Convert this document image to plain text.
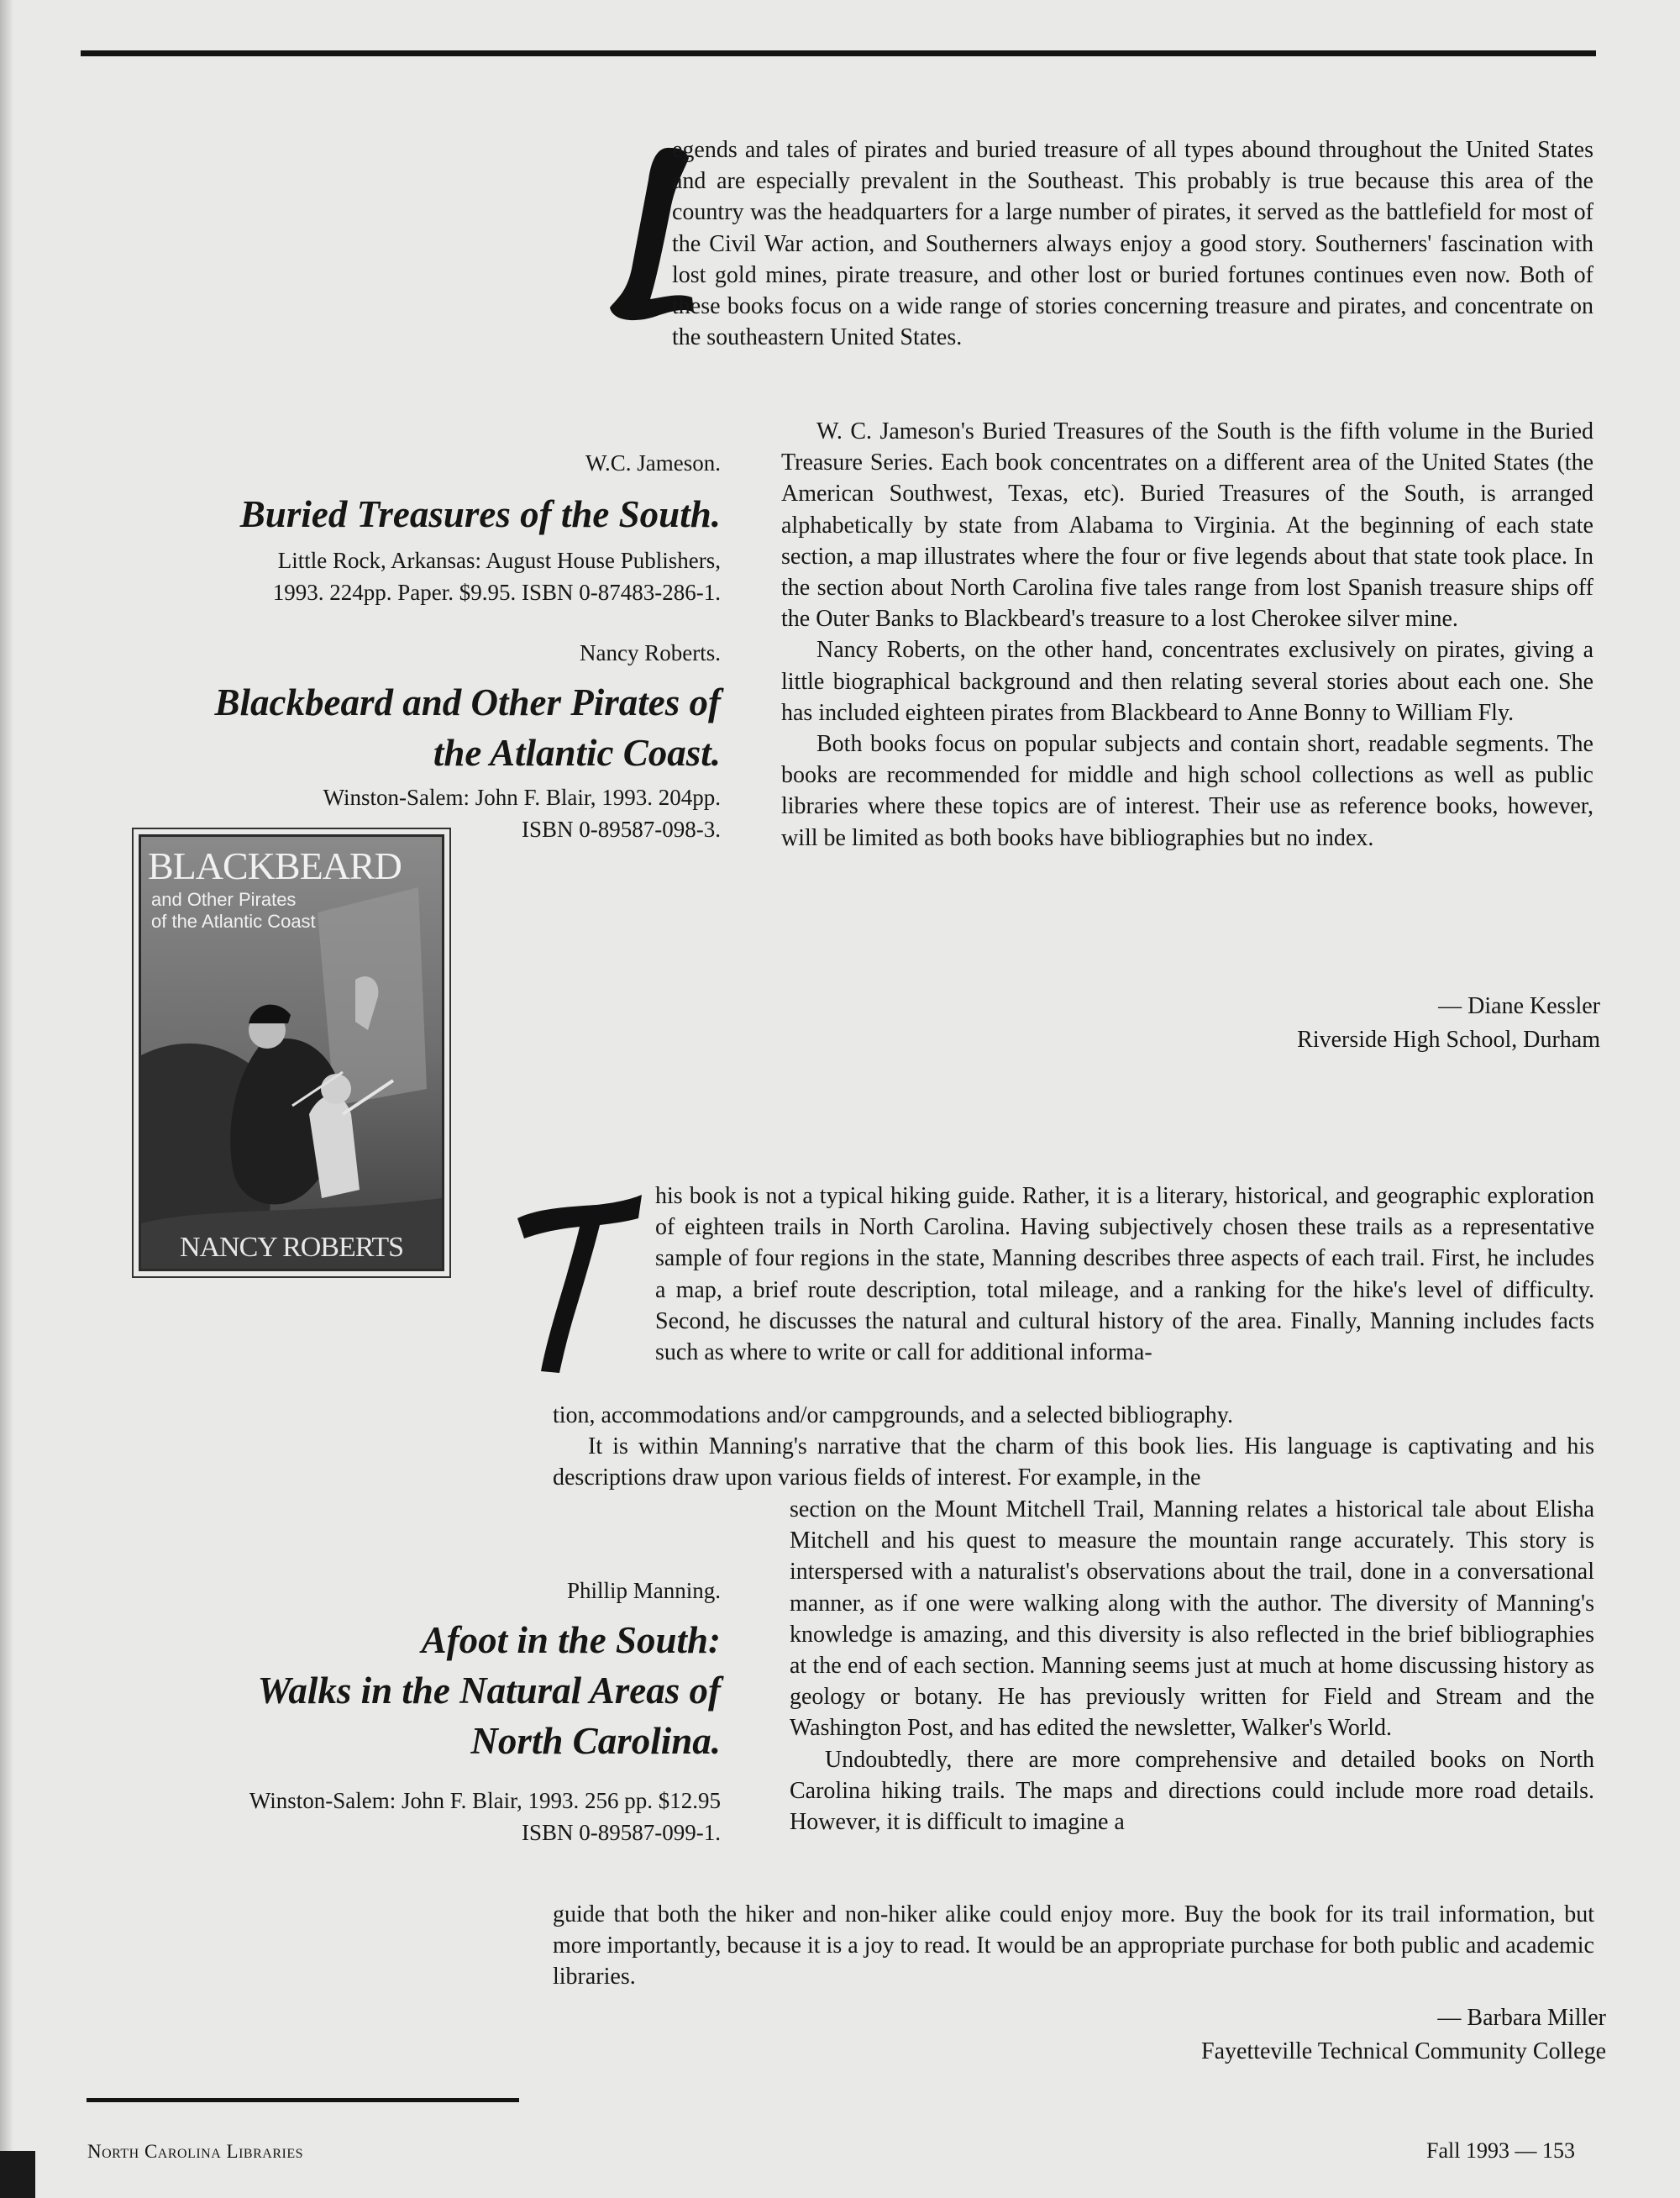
egends and tales of pirates and buried treasure of all types abound throughout the United States and are especially prevalent in the Southeast. This probably is true because this area of the country was the headquarters for a large number of pirates, it served as the battlefield for most of the Civil War action, and Southerners always enjoy a good story. Southerners' fascination with lost gold mines, pirate treasure, and other lost or buried fortunes continues even now. Both of these books focus on a wide range of stories concerning treasure and pirates, and concentrate on the southeastern United States.

W. C. Jameson's Buried Treasures of the South is the fifth volume in the Buried Treasure Series. Each book concentrates on a different area of the United States (the American Southwest, Texas, etc). Buried Treasures of the South, is arranged alphabetically by state from Alabama to Virginia. At the beginning of each state section, a map illustrates where the four or five legends about that state took place. In the section about North Carolina five tales range from lost Spanish treasure ships off the Outer Banks to Blackbeard's treasure to a lost Cherokee silver mine.

Nancy Roberts, on the other hand, concentrates exclusively on pirates, giving a little biographical background and then relating several stories about each one. She has included eighteen pirates from Blackbeard to Anne Bonny to William Fly.

Both books focus on popular subjects and contain short, readable segments. The books are recommended for middle and high school collections as well as public libraries where these topics are of interest. Their use as reference books, however, will be limited as both books have bibliographies but no index.

W.C. Jameson.
Buried Treasures of the South.
Little Rock, Arkansas: August House Publishers,
1993. 224pp. Paper. $9.95. ISBN 0-87483-286-1.
Nancy Roberts.
Blackbeard and Other Pirates of
the Atlantic Coast.
Winston-Salem: John F. Blair, 1993. 204pp.
ISBN 0-89587-098-3.
BLACKBEARD
and Other Pirates
of the Atlantic Coast
NANCY ROBERTS
— Diane Kessler
Riverside High School, Durham

his book is not a typical hiking guide. Rather, it is a literary, historical, and geographic exploration of eighteen trails in North Carolina. Having subjectively chosen these trails as a representative sample of four regions in the state, Manning describes three aspects of each trail. First, he includes a map, a brief route description, total mileage, and a ranking for the hike's level of difficulty. Second, he discusses the natural and cultural history of the area. Finally, Manning includes facts such as where to write or call for additional informa-

tion, accommodations and/or campgrounds, and a selected bibliography.

It is within Manning's narrative that the charm of this book lies. His language is captivating and his descriptions draw upon various fields of interest. For example, in the

section on the Mount Mitchell Trail, Manning relates a historical tale about Elisha Mitchell and his quest to measure the mountain range accurately. This story is interspersed with a naturalist's observations about the trail, done in a conversational manner, as if one were walking along with the author. The diversity of Manning's knowledge is amazing, and this diversity is also reflected in the brief bibliographies at the end of each section. Manning seems just at much at home discussing history as geology or botany. He has previously written for Field and Stream and the Washington Post, and has edited the newsletter, Walker's World.

Undoubtedly, there are more comprehensive and detailed books on North Carolina hiking trails. The maps and directions could include more road details. However, it is difficult to imagine a

guide that both the hiker and non-hiker alike could enjoy more. Buy the book for its trail information, but more importantly, because it is a joy to read. It would be an appropriate purchase for both public and academic libraries.

Phillip Manning.
Afoot in the South:
Walks in the Natural Areas of
North Carolina.
Winston-Salem: John F. Blair, 1993. 256 pp. $12.95
ISBN 0-89587-099-1.
— Barbara Miller
Fayetteville Technical Community College
North Carolina Libraries	Fall 1993 — 153
